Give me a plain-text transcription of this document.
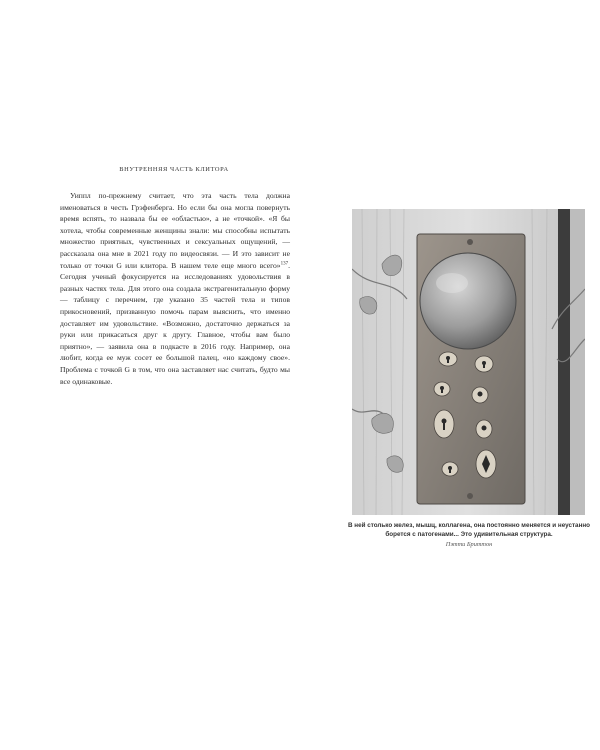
ВНУТРЕННЯЯ ЧАСТЬ КЛИТОРА

Уиппл по-прежнему считает, что эта часть тела должна именоваться в честь Грэфенберга. Но если бы она могла повернуть время вспять, то назвала бы ее «областью», а не «точкой». «Я бы хотела, чтобы современные женщины знали: мы способны испытать множество приятных, чувственных и сексуальных ощущений, — рассказала она мне в 2021 году по видеосвязи. — И это зависит не только от точки G или клитора. В нашем теле еще много всего»$^{137}$. Сегодня ученый фокусируется на исследованиях удовольствия в разных частях тела. Для этого она создала экстрагенитальную форму — таблицу с перечнем, где указано 35 частей тела и типов прикосновений, призванную помочь парам выяснить, что именно доставляет им удовольствие. «Возможно, достаточно держаться за руки или прикасаться друг к другу. Главное, чтобы вам было приятно», — заявила она в подкасте в 2016 году. Например, она любит, когда ее муж сосет ее большой палец, «но каждому свое». Проблема с точкой G в том, что она заставляет нас считать, будто мы все одинаковые.

В ней столько желез, мышц, коллагена, она постоянно меняется и неустанно
борется с патогенами... Это удивительная структура.
Пэтти Бриттон
